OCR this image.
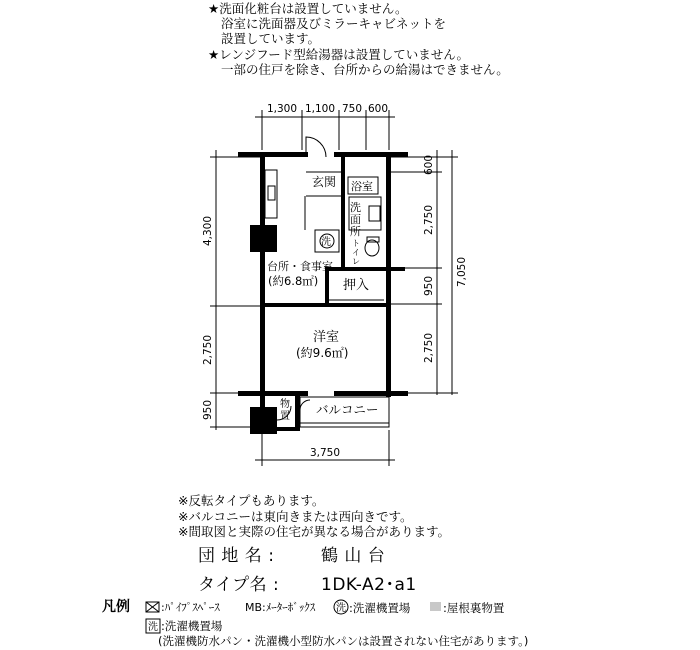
★洗面化粧台は設置していません。
浴室に洗面器及びミラーキャビネットを
設置しています。
★レンジフード型給湯器は設置していません。
一部の住戸を除き、台所からの給湯はできません。
1,300 1,100 750 600
4,300
2,750
950
600
2,750
950
2,750
7,050
3,750
玄関 浴室
洗
面
所
ト
イ
レ
洗
台所・食事室
(約6.8㎡) 押入
洋室
(約9.6㎡)
物
置 バルコニー
洗
洗
※反転タイプもあります。
※バルコニーは東向きまたは西向きです。
※間取図と実際の住宅が異なる場合があります。
団 地 名 :	鶴 山 台
タイプ名 : 1DK-A2･a1
凡例	:ﾊﾟｲﾌﾟｽﾍﾟｰｽ MB:ﾒｰﾀｰﾎﾞｯｸｽ	:洗濯機置場	:屋根裏物置
:洗濯機置場
(洗濯機防水パン・洗濯機小型防水パンは設置されない住宅があります。)
